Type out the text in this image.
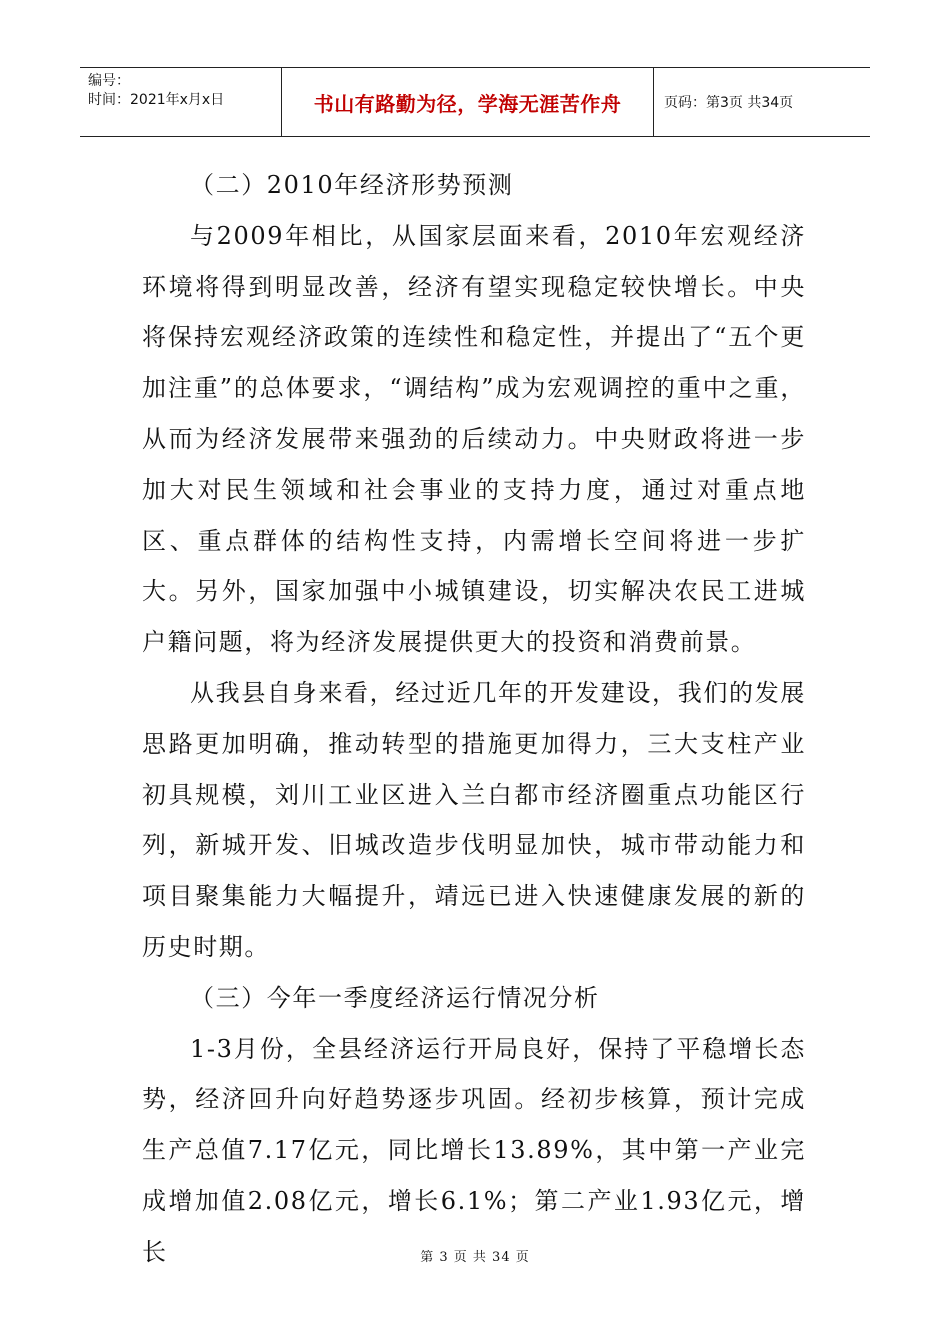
编号：
时间：2021年x月x日	书山有路勤为径，学海无涯苦作舟	页码：第3页 共34页

（二）2010年经济形势预测

与2009年相比，从国家层面来看，2010年宏观经济环境将得到明显改善，经济有望实现稳定较快增长。中央将保持宏观经济政策的连续性和稳定性，并提出了“五个更加注重”的总体要求，“调结构”成为宏观调控的重中之重，从而为经济发展带来强劲的后续动力。中央财政将进一步加大对民生领域和社会事业的支持力度，通过对重点地区、重点群体的结构性支持，内需增长空间将进一步扩大。另外，国家加强中小城镇建设，切实解决农民工进城户籍问题，将为经济发展提供更大的投资和消费前景。

从我县自身来看，经过近几年的开发建设，我们的发展思路更加明确，推动转型的措施更加得力，三大支柱产业初具规模，刘川工业区进入兰白都市经济圈重点功能区行列，新城开发、旧城改造步伐明显加快，城市带动能力和项目聚集能力大幅提升，靖远已进入快速健康发展的新的历史时期。

（三）今年一季度经济运行情况分析

1-3月份，全县经济运行开局良好，保持了平稳增长态势，经济回升向好趋势逐步巩固。经初步核算，预计完成生产总值7.17亿元，同比增长13.89%，其中第一产业完成增加值2.08亿元，增长6.1%；第二产业1.93亿元，增长	第 3 页 共 34 页
